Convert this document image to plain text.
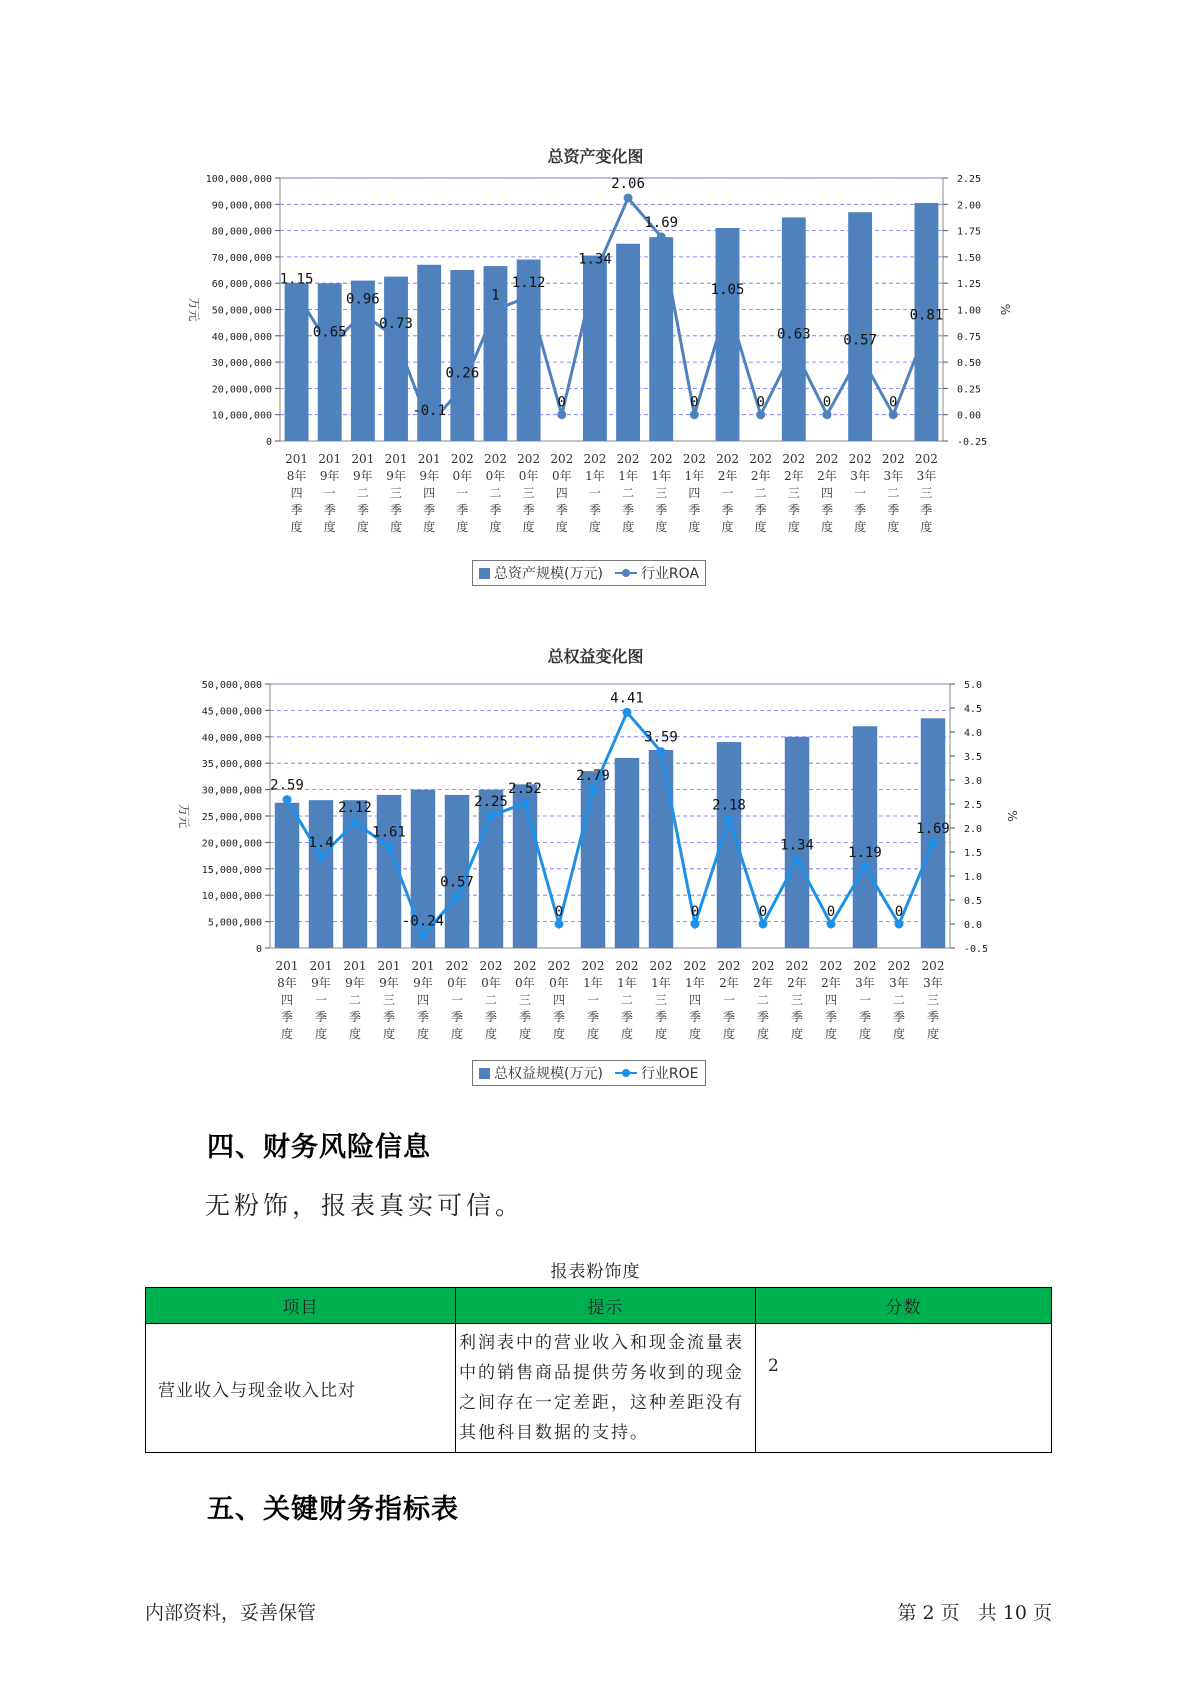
总资产变化图
0
10,000,000
20,000,000
30,000,000
40,000,000
50,000,000
60,000,000
70,000,000
80,000,000
90,000,000
100,000,000
-0.25
0.00
0.25
0.50
0.75
1.00
1.25
1.50
1.75
2.00
2.25
万元	%
201
8年
四
季
度
201
9年
一
季
度
201
9年
二
季
度
201
9年
三
季
度
201
9年
四
季
度
202
0年
一
季
度
202
0年
二
季
度
202
0年
三
季
度
202
0年
四
季
度
202
1年
一
季
度
202
1年
二
季
度
202
1年
三
季
度
202
1年
四
季
度
202
2年
一
季
度
202
2年
二
季
度
202
2年
三
季
度
202
2年
四
季
度
202
3年
一
季
度
202
3年
二
季
度
202
3年
三
季
度
1.15
0.65
0.96
0.73
-0.1
0.26
1
1.12
0
1.34
2.06
1.69
0
1.05
0
0.63
0
0.57
0
0.81
总资产规模(万元)	行业ROA
总权益变化图
0
5,000,000
10,000,000
15,000,000
20,000,000
25,000,000
30,000,000
35,000,000
40,000,000
45,000,000
50,000,000
-0.5
0.0
0.5
1.0
1.5
2.0
2.5
3.0
3.5
4.0
4.5
5.0
万元	%
201
8年
四
季
度
201
9年
一
季
度
201
9年
二
季
度
201
9年
三
季
度
201
9年
四
季
度
202
0年
一
季
度
202
0年
二
季
度
202
0年
三
季
度
202
0年
四
季
度
202
1年
一
季
度
202
1年
二
季
度
202
1年
三
季
度
202
1年
四
季
度
202
2年
一
季
度
202
2年
二
季
度
202
2年
三
季
度
202
2年
四
季
度
202
3年
一
季
度
202
3年
二
季
度
202
3年
三
季
度
2.59
1.4
2.12
1.61
-0.24
0.57
2.25
2.52
0
2.79
4.41
3.59
0
2.18
0
1.34
0
1.19
0
1.69
总权益规模(万元)	行业ROE
四、财务风险信息
无粉饰，报表真实可信。
报表粉饰度
项目	提示	分数
营业收入与现金收入比对	利润表中的营业收入和现金流量表中的销售商品提供劳务收到的现金之间存在一定差距，这种差距没有其他科目数据的支持。	2
五、关键财务指标表
内部资料，妥善保管	第 2 页   共 10 页
